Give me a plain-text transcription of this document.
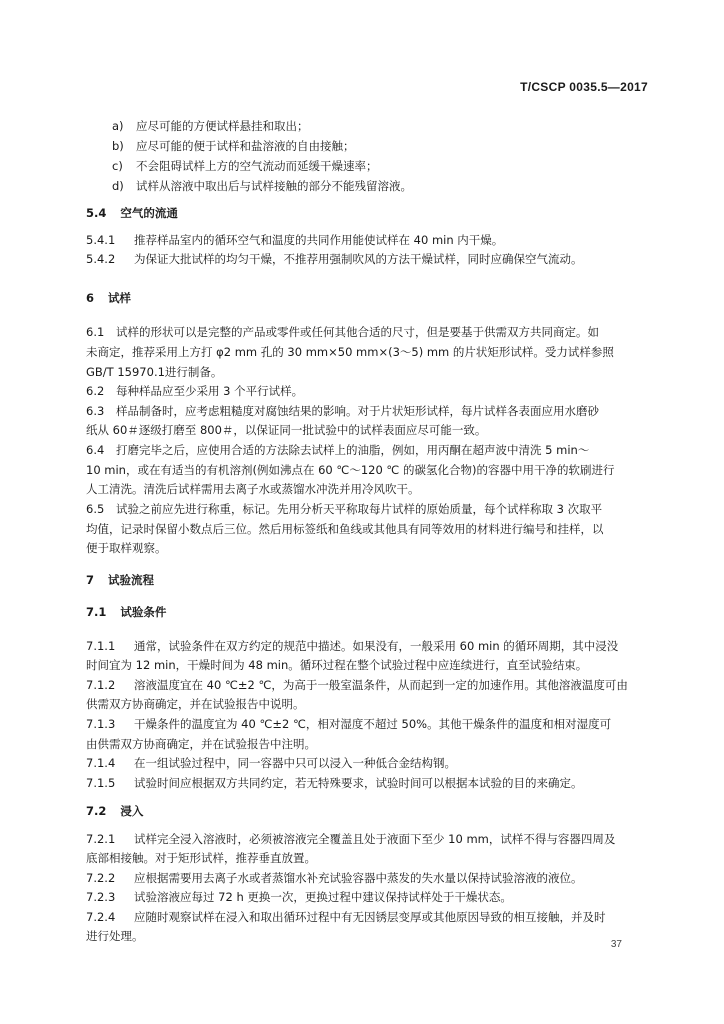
T/CSCP 0035.5—2017
a) 应尽可能的方便试样悬挂和取出；
b) 应尽可能的便于试样和盐溶液的自由接触；
c) 不会阻碍试样上方的空气流动而延缓干燥速率；
d) 试样从溶液中取出后与试样接触的部分不能残留溶液。
5.4 空气的流通
5.4.1 推荐样品室内的循环空气和温度的共同作用能使试样在 40 min 内干燥。
5.4.2 为保证大批试样的均匀干燥，不推荐用强制吹风的方法干燥试样，同时应确保空气流动。
6 试样
6.1 试样的形状可以是完整的产品或零件或任何其他合适的尺寸，但是要基于供需双方共同商定。如
未商定，推荐采用上方打 φ2 mm 孔的 30 mm×50 mm×(3～5) mm 的片状矩形试样。受力试样参照
GB/T 15970.1进行制备。
6.2 每种样品应至少采用 3 个平行试样。
6.3 样品制备时，应考虑粗糙度对腐蚀结果的影响。对于片状矩形试样，每片试样各表面应用水磨砂
纸从 60＃逐级打磨至 800＃，以保证同一批试验中的试样表面应尽可能一致。
6.4 打磨完毕之后，应使用合适的方法除去试样上的油脂，例如，用丙酮在超声波中清洗 5 min～
10 min，或在有适当的有机溶剂(例如沸点在 60 ℃～120 ℃ 的碳氢化合物)的容器中用干净的软刷进行
人工清洗。清洗后试样需用去离子水或蒸馏水冲洗并用冷风吹干。
6.5 试验之前应先进行称重，标记。先用分析天平称取每片试样的原始质量，每个试样称取 3 次取平
均值，记录时保留小数点后三位。然后用标签纸和鱼线或其他具有同等效用的材料进行编号和挂样，以
便于取样观察。
7 试验流程
7.1 试验条件
7.1.1 通常，试验条件在双方约定的规范中描述。如果没有，一般采用 60 min 的循环周期，其中浸没
时间宜为 12 min，干燥时间为 48 min。循环过程在整个试验过程中应连续进行，直至试验结束。
7.1.2 溶液温度宜在 40 ℃±2 ℃，为高于一般室温条件，从而起到一定的加速作用。其他溶液温度可由
供需双方协商确定，并在试验报告中说明。
7.1.3 干燥条件的温度宜为 40 ℃±2 ℃，相对湿度不超过 50%。其他干燥条件的温度和相对湿度可
由供需双方协商确定，并在试验报告中注明。
7.1.4 在一组试验过程中，同一容器中只可以浸入一种低合金结构钢。
7.1.5 试验时间应根据双方共同约定，若无特殊要求，试验时间可以根据本试验的目的来确定。
7.2 浸入
7.2.1 试样完全浸入溶液时，必须被溶液完全覆盖且处于液面下至少 10 mm，试样不得与容器四周及
底部相接触。对于矩形试样，推荐垂直放置。
7.2.2 应根据需要用去离子水或者蒸馏水补充试验容器中蒸发的失水量以保持试验溶液的液位。
7.2.3 试验溶液应每过 72 h 更换一次，更换过程中建议保持试样处于干燥状态。
7.2.4 应随时观察试样在浸入和取出循环过程中有无因锈层变厚或其他原因导致的相互接触，并及时
进行处理。
37
